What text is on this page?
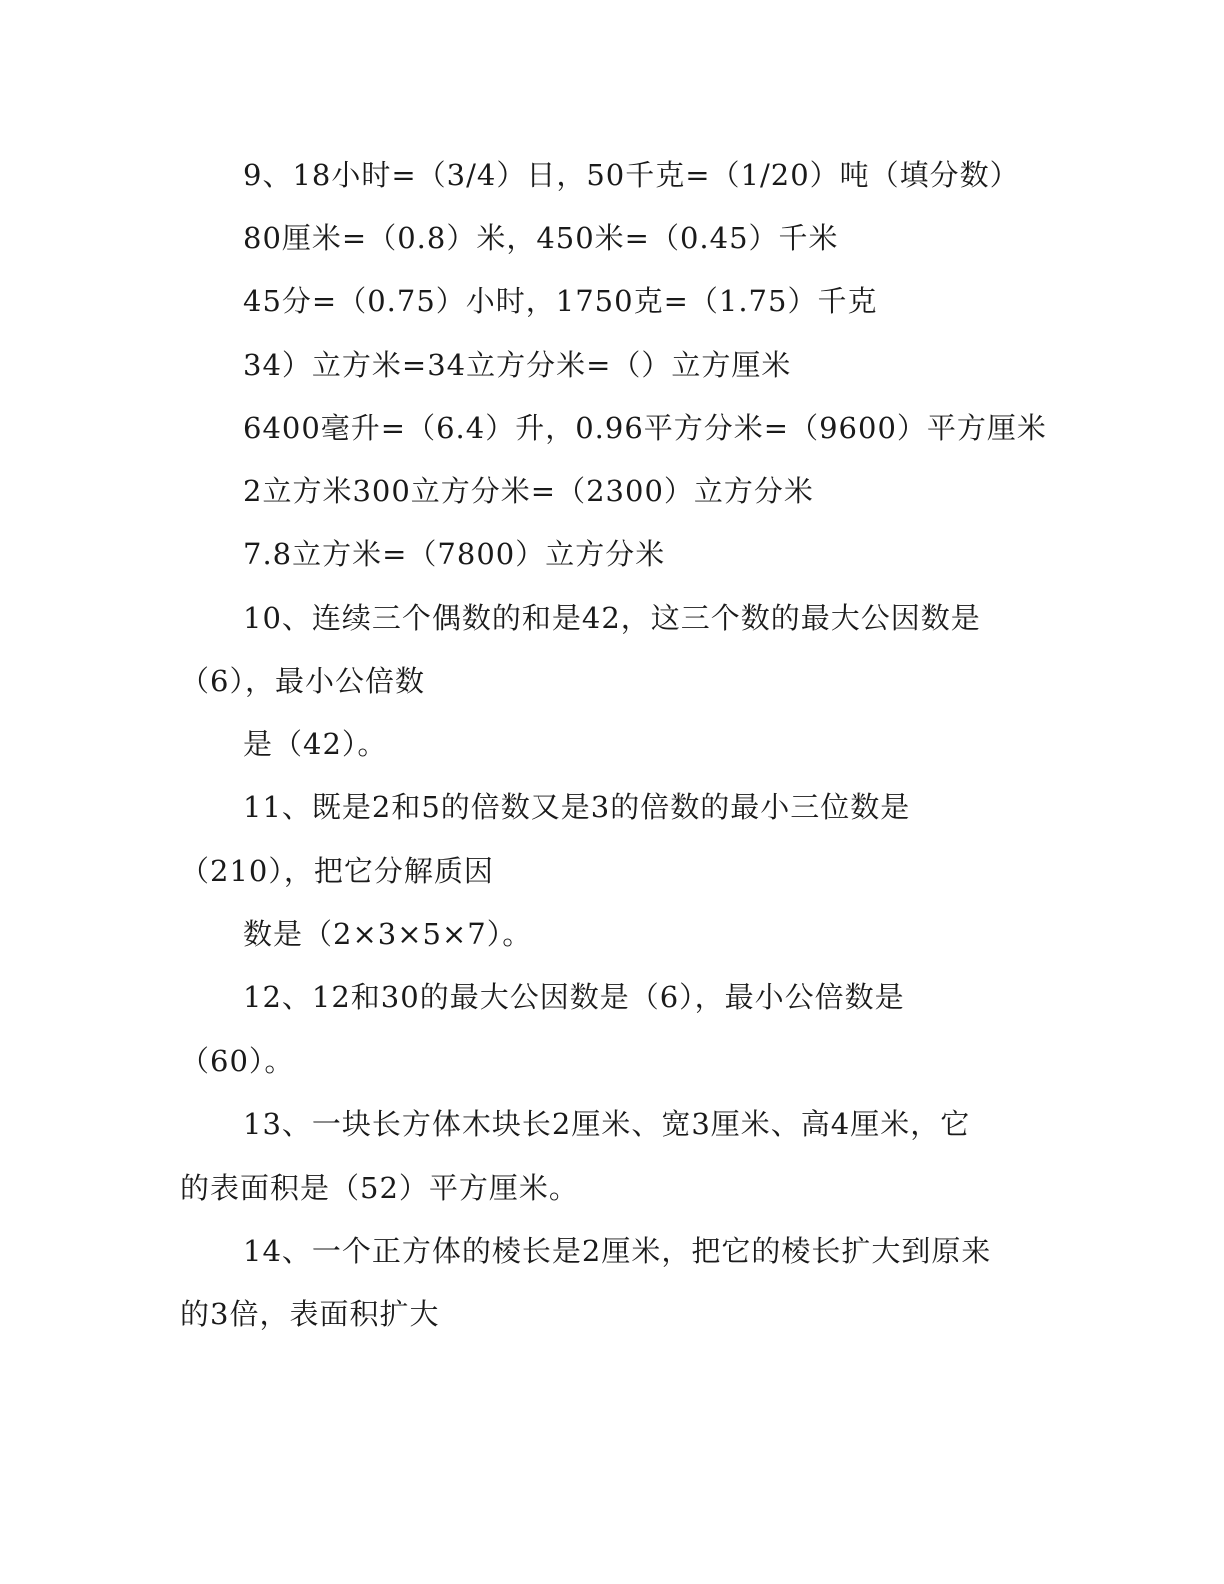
9、18小时=（3/4）日，50千克=（1/20）吨（填分数）

80厘米=（0.8）米，450米=（0.45）千米

45分=（0.75）小时，1750克=（1.75）千克

34）立方米=34立方分米=（）立方厘米

6400毫升=（6.4）升，0.96平方分米=（9600）平方厘米

2立方米300立方分米=（2300）立方分米

7.8立方米=（7800）立方分米

10、连续三个偶数的和是42，这三个数的最大公因数是

（6），最小公倍数

是（42）。

11、既是2和5的倍数又是3的倍数的最小三位数是

（210），把它分解质因

数是（2×3×5×7）。

12、12和30的最大公因数是（6），最小公倍数是

（60）。

13、一块长方体木块长2厘米、宽3厘米、高4厘米，它

的表面积是（52）平方厘米。

14、一个正方体的棱长是2厘米，把它的棱长扩大到原来

的3倍，表面积扩大
